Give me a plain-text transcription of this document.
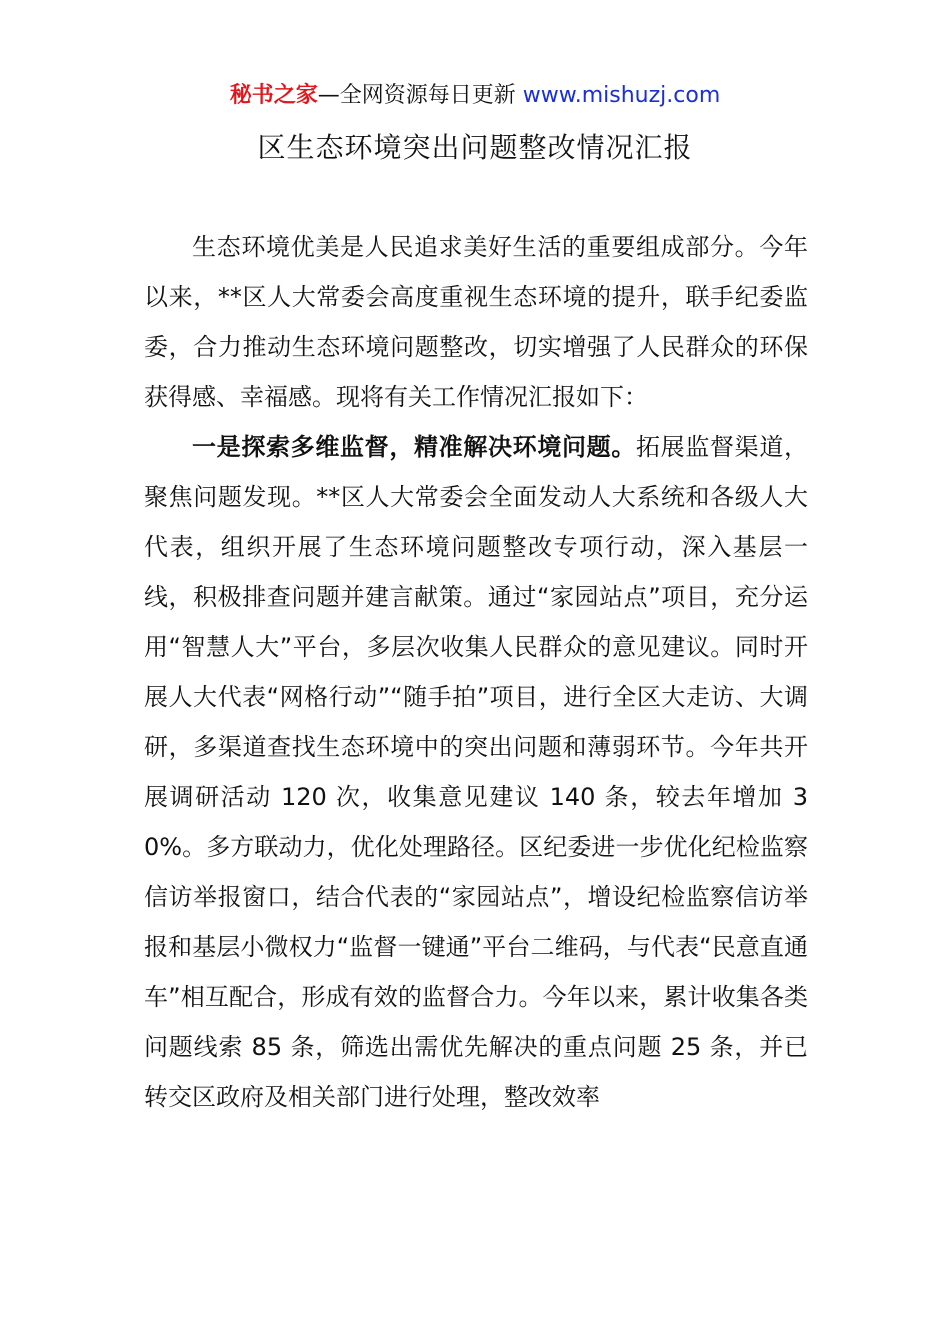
秘书之家—全网资源每日更新 www.mishuzj.com
区生态环境突出问题整改情况汇报

生态环境优美是人民追求美好生活的重要组成部分。今年以来，**区人大常委会高度重视生态环境的提升，联手纪委监委，合力推动生态环境问题整改，切实增强了人民群众的环保获得感、幸福感。现将有关工作情况汇报如下：

一是探索多维监督，精准解决环境问题。拓展监督渠道，聚焦问题发现。**区人大常委会全面发动人大系统和各级人大代表，组织开展了生态环境问题整改专项行动，深入基层一线，积极排查问题并建言献策。通过“家园站点”项目，充分运用“智慧人大”平台，多层次收集人民群众的意见建议。同时开展人大代表“网格行动”“随手拍”项目，进行全区大走访、大调研，多渠道查找生态环境中的突出问题和薄弱环节。今年共开展调研活动 120 次，收集意见建议 140 条，较去年增加 30%。多方联动力，优化处理路径。区纪委进一步优化纪检监察信访举报窗口，结合代表的“家园站点”，增设纪检监察信访举报和基层小微权力“监督一键通”平台二维码，与代表“民意直通车”相互配合，形成有效的监督合力。今年以来，累计收集各类问题线索 85 条，筛选出需优先解决的重点问题 25 条，并已转交区政府及相关部门进行处理，整改效率
